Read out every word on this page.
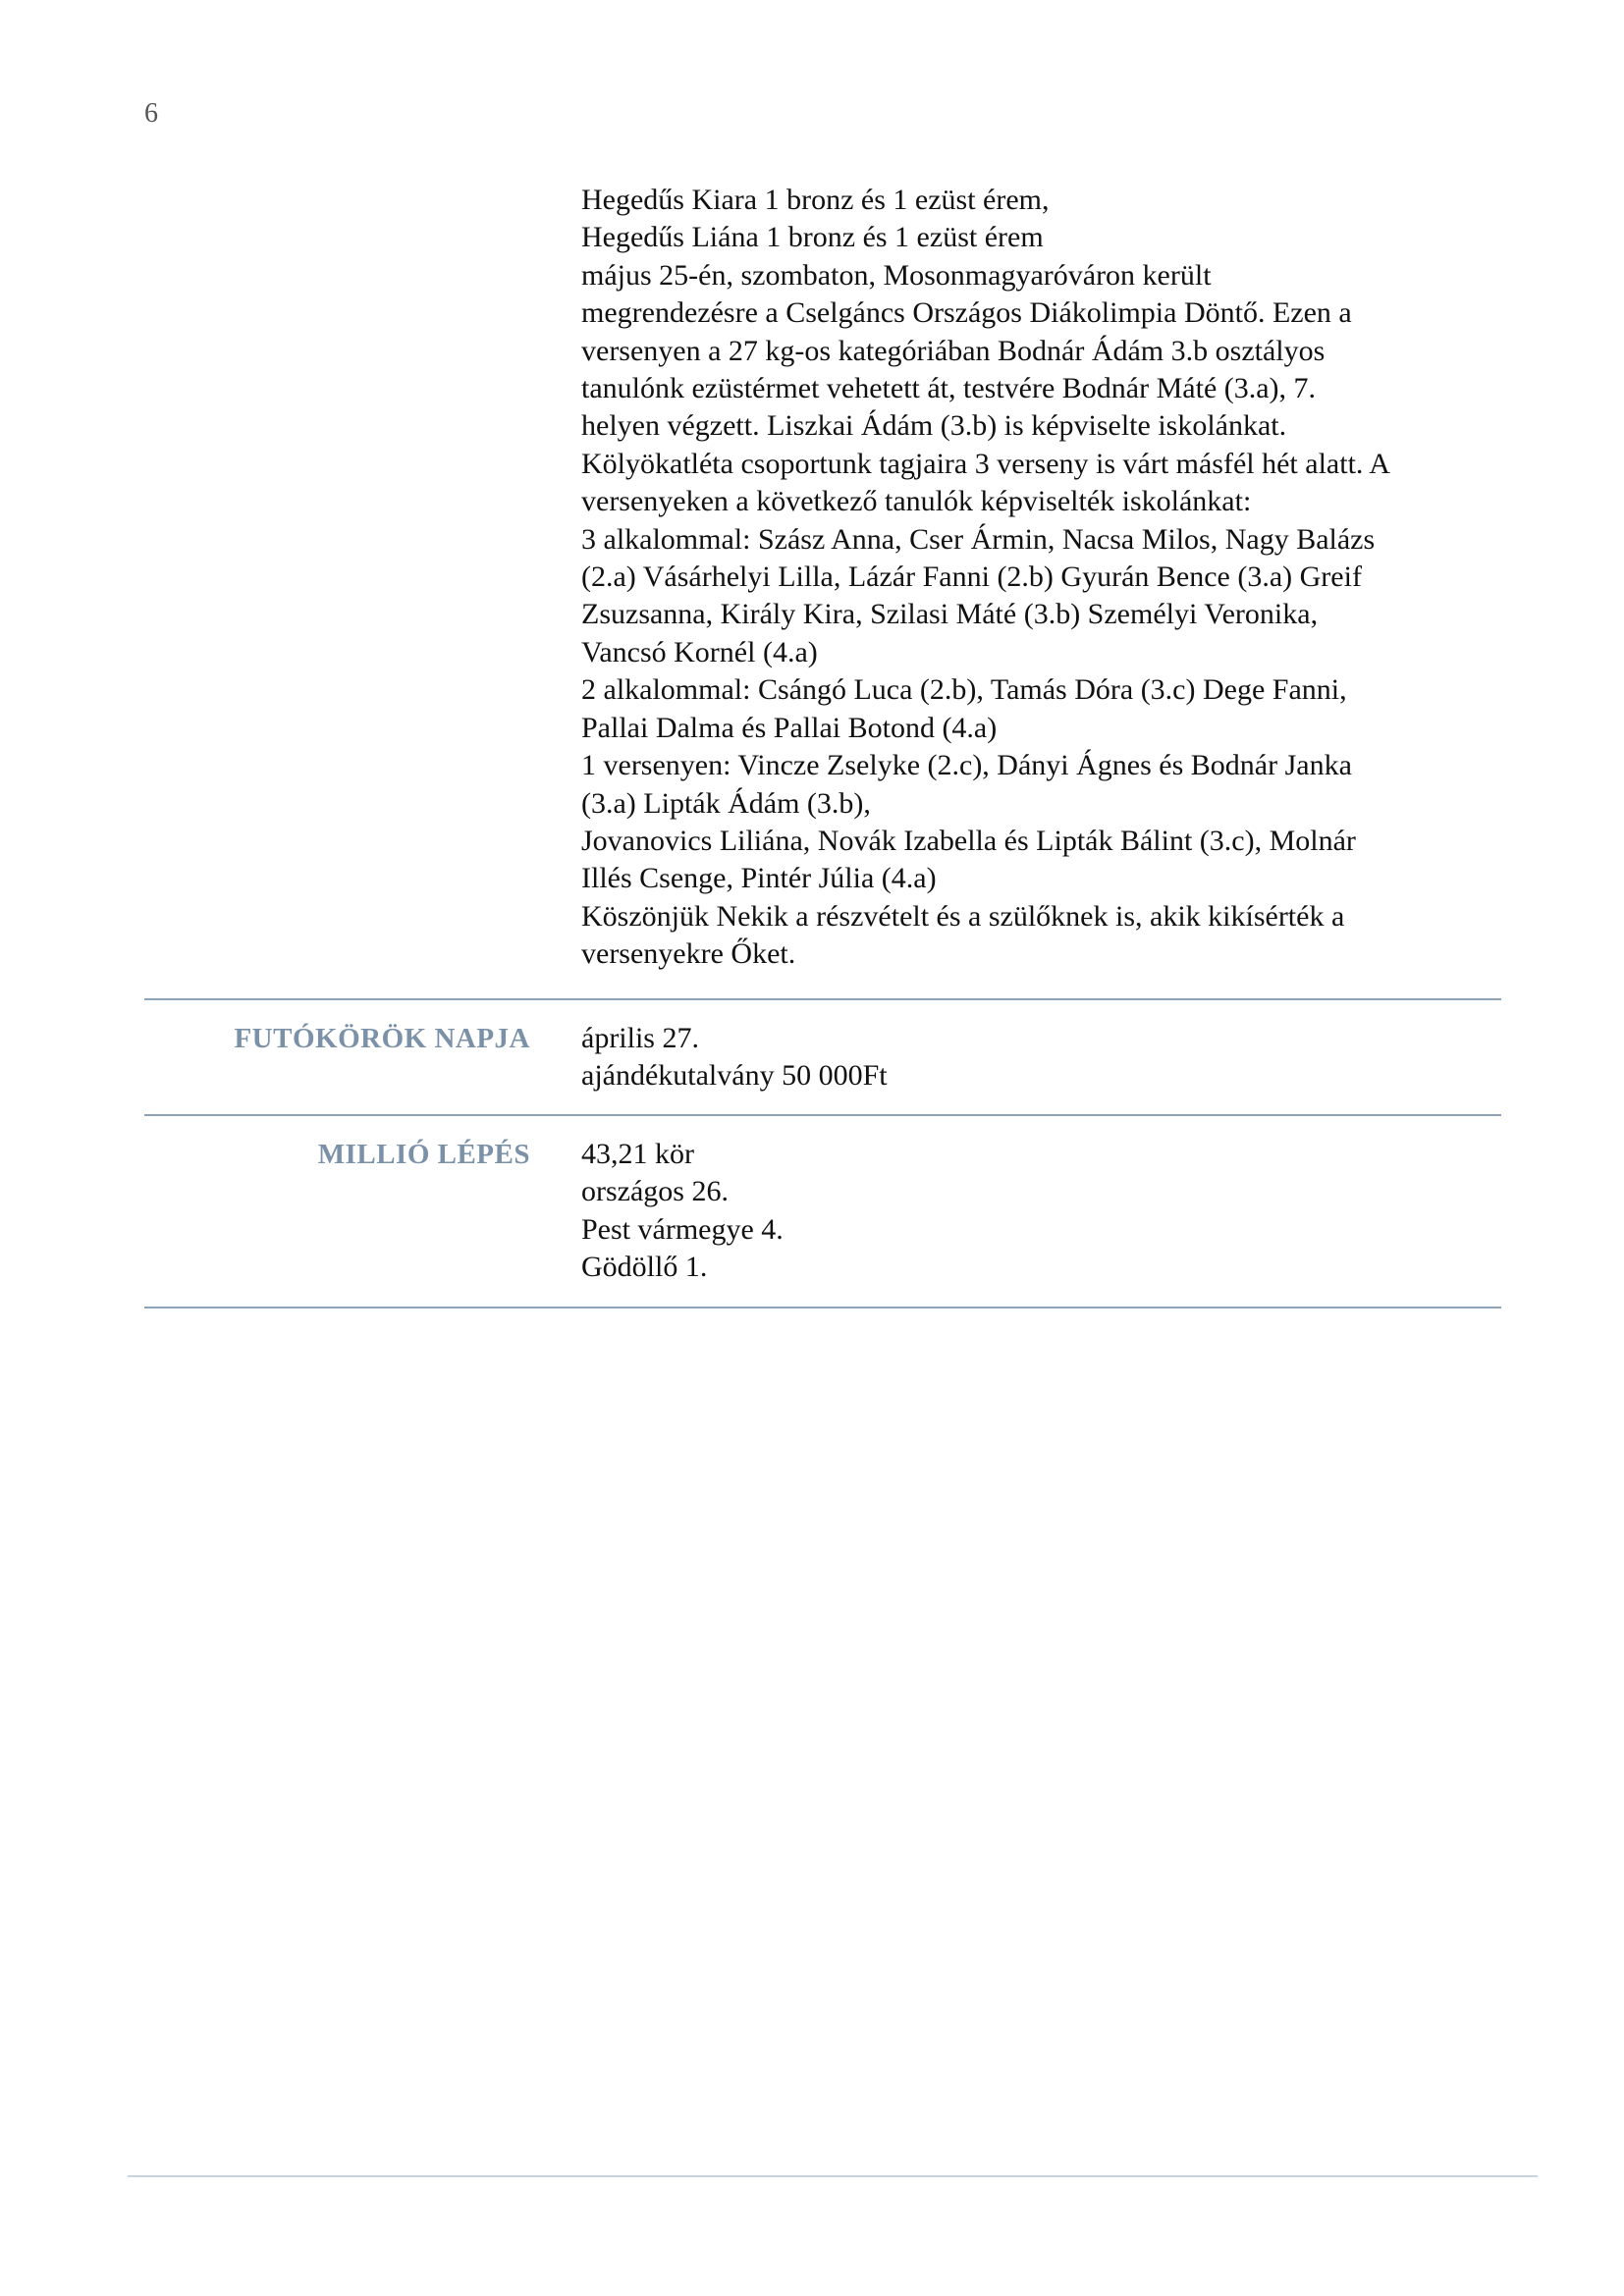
6
Hegedűs Kiara 1 bronz és 1 ezüst érem,
Hegedűs Liána 1 bronz és 1 ezüst érem
május 25-én, szombaton, Mosonmagyaróváron került
megrendezésre a Cselgáncs Országos Diákolimpia Döntő. Ezen a
versenyen a 27 kg-os kategóriában Bodnár Ádám 3.b osztályos
tanulónk ezüstérmet vehetett át, testvére Bodnár Máté (3.a), 7.
helyen végzett. Liszkai Ádám (3.b) is képviselte iskolánkat.
Kölyökatléta csoportunk tagjaira 3 verseny is várt másfél hét alatt. A
versenyeken a következő tanulók képviselték iskolánkat:
3 alkalommal: Szász Anna, Cser Ármin, Nacsa Milos, Nagy Balázs
(2.a) Vásárhelyi Lilla, Lázár Fanni (2.b) Gyurán Bence (3.a) Greif
Zsuzsanna, Király Kira, Szilasi Máté (3.b) Személyi Veronika,
Vancsó Kornél (4.a)
2 alkalommal: Csángó Luca (2.b), Tamás Dóra (3.c) Dege Fanni,
Pallai Dalma és Pallai Botond (4.a)
1 versenyen: Vincze Zselyke (2.c), Dányi Ágnes és Bodnár Janka
(3.a) Lipták Ádám (3.b),
Jovanovics Liliána, Novák Izabella és Lipták Bálint (3.c), Molnár
Illés Csenge, Pintér Júlia (4.a)
Köszönjük Nekik a részvételt és a szülőknek is, akik kikísérték a
versenyekre Őket.
FUTÓKÖRÖK NAPJA április 27.
ajándékutalvány 50 000Ft
MILLIÓ LÉPÉS 43,21 kör
országos 26.
Pest vármegye 4.
Gödöllő 1.
